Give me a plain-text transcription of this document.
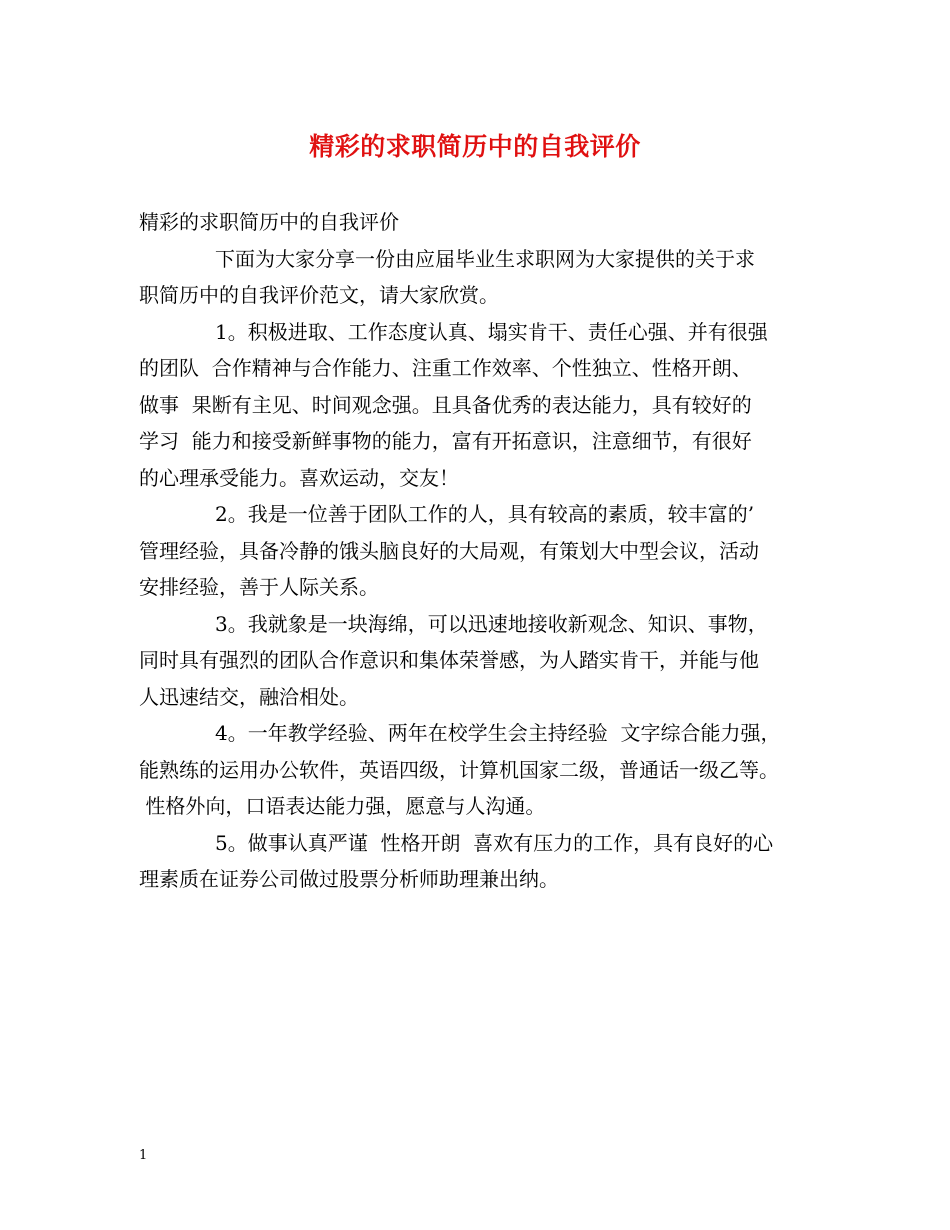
精彩的求职简历中的自我评价
精彩的求职简历中的自我评价
下面为大家分享一份由应届毕业生求职网为大家提供的关于求
职简历中的自我评价范文，请大家欣赏。
1。积极进取、工作态度认真、塌实肯干、责任心强、并有很强
的团队  合作精神与合作能力、注重工作效率、个性独立、性格开朗、
做事  果断有主见、时间观念强。且具备优秀的表达能力，具有较好的
学习  能力和接受新鲜事物的能力，富有开拓意识，注意细节，有很好
的心理承受能力。喜欢运动，交友！
2。我是一位善于团队工作的人，具有较高的素质，较丰富的’
管理经验，具备冷静的饿头脑良好的大局观，有策划大中型会议，活动
安排经验，善于人际关系。
3。我就象是一块海绵，可以迅速地接收新观念、知识、事物，
同时具有强烈的团队合作意识和集体荣誉感，为人踏实肯干，并能与他
人迅速结交，融洽相处。
4。一年教学经验、两年在校学生会主持经验  文字综合能力强，
能熟练的运用办公软件，英语四级，计算机国家二级，普通话一级乙等。
性格外向，口语表达能力强，愿意与人沟通。
5。做事认真严谨  性格开朗  喜欢有压力的工作，具有良好的心
理素质在证券公司做过股票分析师助理兼出纳。
1
